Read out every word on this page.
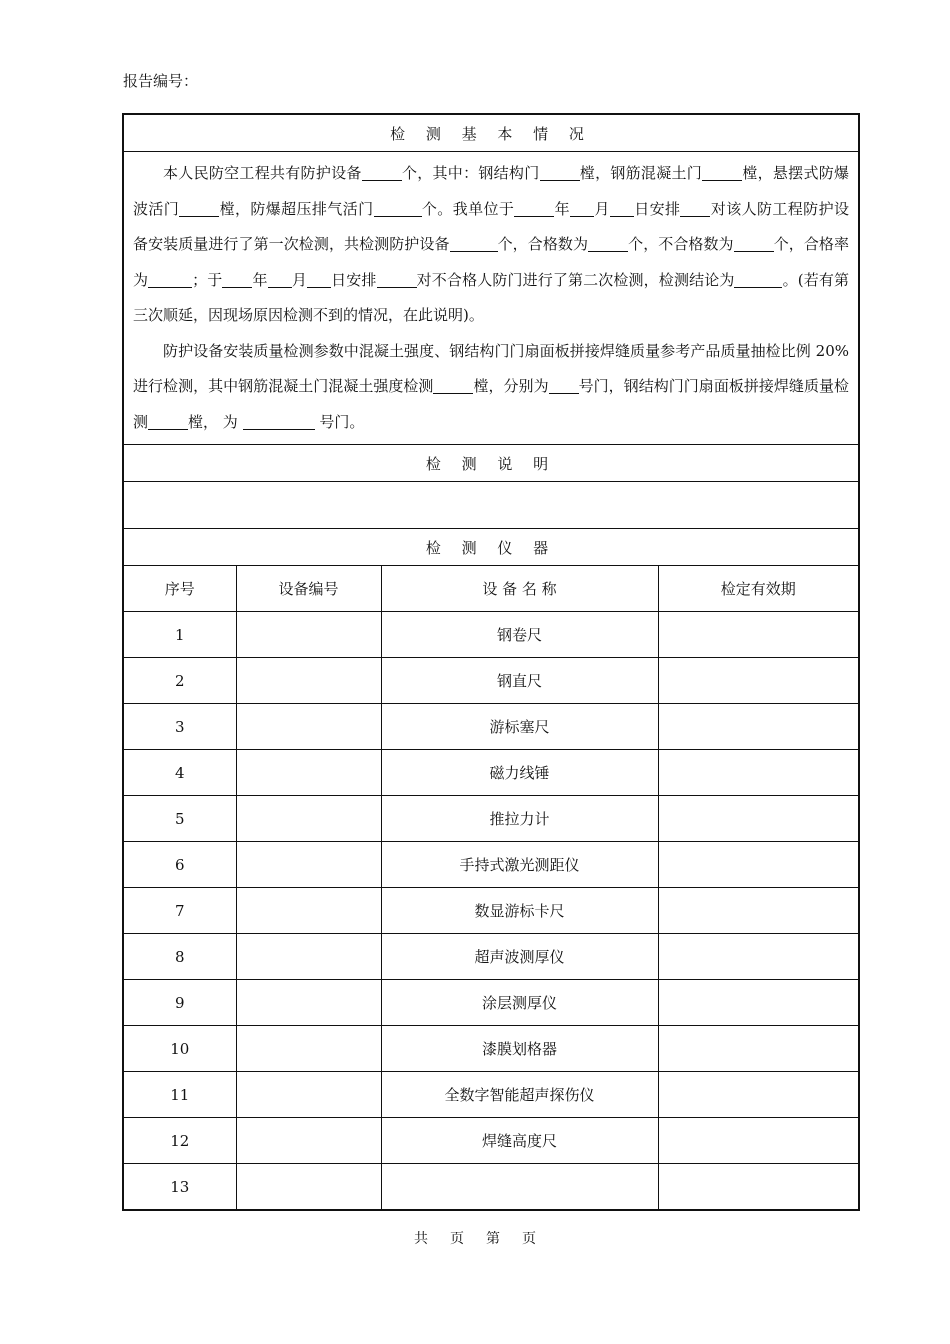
报告编号：
检 测 基 本 情 况			

本人民防空工程共有防护设备 个，其中：钢结构门 樘，钢筋混凝土门 樘，悬摆式防爆波活门 樘，防爆超压排气活门 个。我单位于 年 月 日安排 对该人防工程防护设备安装质量进行了第一次检测，共检测防护设备 个，合格数为 个，不合格数为 个，合格率为 ；于 年 月 日安排 对不合格人防门进行了第二次检测，检测结论为 。(若有第三次顺延，因现场原因检测不到的情况，在此说明)。

防护设备安装质量检测参数中混凝土强度、钢结构门门扇面板拼接焊缝质量参考产品质量抽检比例 20%进行检测，其中钢筋混凝土门混凝土强度检测 樘，分别为 号门，钢结构门门扇面板拼接焊缝质量检测 樘， 为 号门。			

检 测 说 明			

检 测 仪 器			
序号	设备编号	设 备 名 称	检定有效期
1		钢卷尺	
2		钢直尺	
3		游标塞尺	
4		磁力线锤	
5		推拉力计	
6		手持式激光测距仪	
7		数显游标卡尺	
8		超声波测厚仪	
9		涂层测厚仪	
10		漆膜划格器	
11		全数字智能超声探伤仪	
12		焊缝高度尺	
13			
共 页 第 页
